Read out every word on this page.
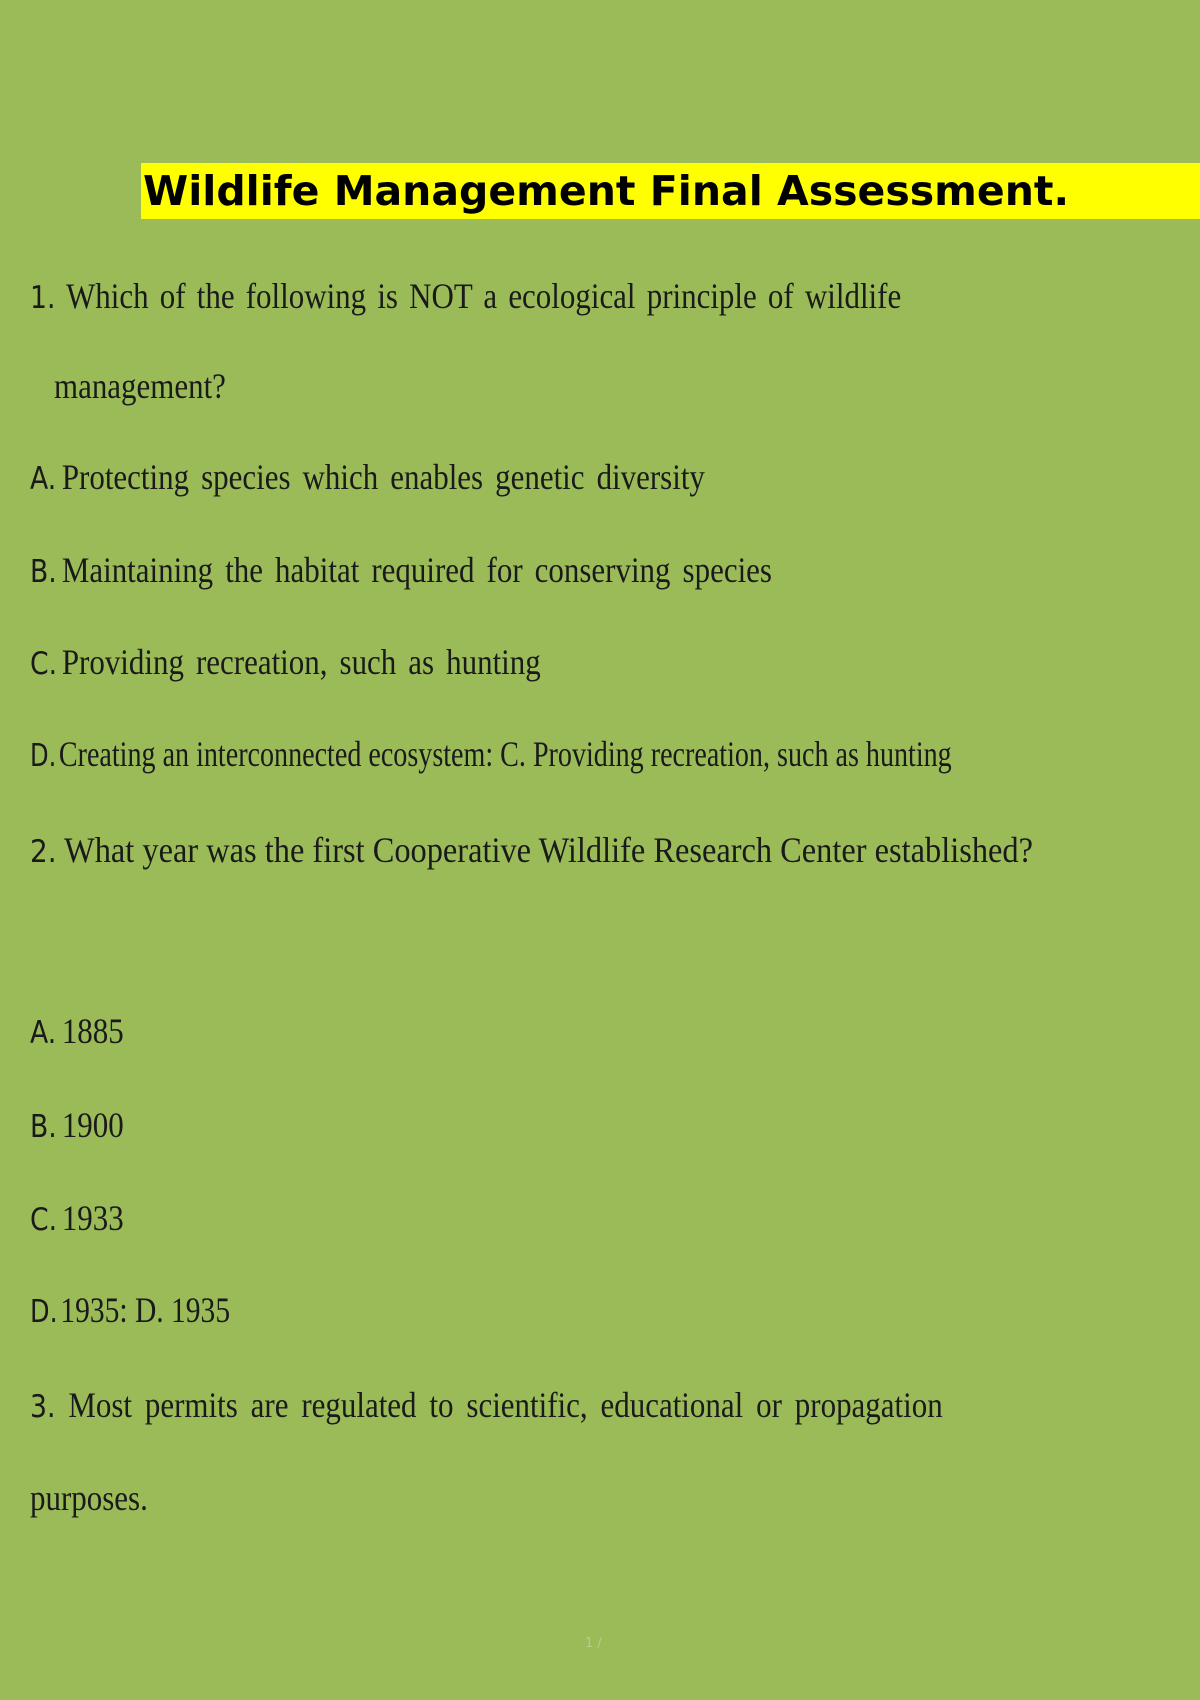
Wildlife Management Final Assessment.
1. Which of the following is NOT a ecological principle of wildlife
management?
A. Protecting species which enables genetic diversity
B. Maintaining the habitat required for conserving species
C. Providing recreation, such as hunting
D.Creating an interconnected ecosystem: C. Providing recreation, such as hunting
2. What year was the first Cooperative Wildlife Research Center established?
A. 1885
B. 1900
C. 1933
D.1935: D. 1935
3. Most permits are regulated to scientific, educational or propagation
purposes.
1 /
